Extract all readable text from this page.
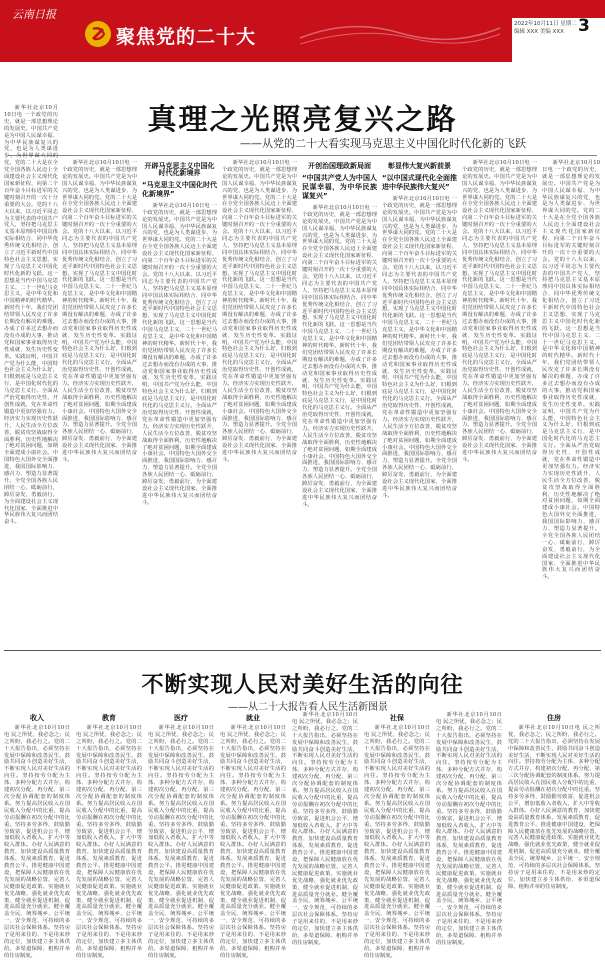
云南日报
聚焦党的二十大
2022年10月11日 星期二
编辑 XXX 美编 XXX 3
真理之光照亮复兴之路
——从党的二十大看实现马克思主义中国化时代化新的飞跃

新华社北京10月10日电 一个政党的历史，就是一部思想理论的发展史。中国共产党是为中国人民谋幸福、为中华民族谋复兴的党，也是为人类谋进步、为世界谋大同的党。党的二十大是在全党全国各族人民迈上全面建设社会主义现代化国家新征程、向第二个百年奋斗目标进军的关键时刻召开的一次十分重要的大会。党的十八大以来，以习近平同志为主要代表的中国共产党人，坚持把马克思主义基本原理同中国具体实际相结合、同中华优秀传统文化相结合，创立了习近平新时代中国特色社会主义思想，实现了马克思主义中国化时代化新的飞跃。这一思想是当代中国马克思主义、二十一世纪马克思主义，是中华文化和中国精神的时代精华。新时代十年，我们党团结带领人民攻克了许多长期没有解决的难题，办成了许多过去想办而没有办成的大事，推动党和国家事业取得历史性成就、发生历史性变革。实践证明，中国共产党为什么能，中国特色社会主义为什么好，归根到底是马克思主义行，是中国化时代化的马克思主义行。全面从严治党取得历史性、开创性成就，党在革命性锻造中更加坚强有力。经济实力实现历史性跃升，人民生活全方位改善，脱贫攻坚战取得全面胜利，历史性地解决了绝对贫困问题，如期全面建成小康社会。中国特色大国外交全面推进，我国国际影响力、感召力、塑造力显著提升。全党全国各族人民团结一心、砥砺前行，踔厉奋发、勇毅前行，为全面建设社会主义现代化国家、全面推进中华民族伟大复兴而团结奋斗。

开辟马克思主义中国化时代化新境界

“马克思主义中国化时代化新境界”

新华社北京10月10日电 一个政党的历史，就是一部思想理论的发展史。中国共产党是为中国人民谋幸福、为中华民族谋复兴的党，也是为人类谋进步、为世界谋大同的党。党的二十大是在全党全国各族人民迈上全面建设社会主义现代化国家新征程、向第二个百年奋斗目标进军的关键时刻召开的一次十分重要的大会。党的十八大以来，以习近平同志为主要代表的中国共产党人，坚持把马克思主义基本原理同中国具体实际相结合、同中华优秀传统文化相结合，创立了习近平新时代中国特色社会主义思想，实现了马克思主义中国化时代化新的飞跃。这一思想是当代中国马克思主义、二十一世纪马克思主义，是中华文化和中国精神的时代精华。新时代十年，我们党团结带领人民攻克了许多长期没有解决的难题，办成了许多过去想办而没有办成的大事，推动党和国家事业取得历史性成就、发生历史性变革。实践证明，中国共产党为什么能，中国特色社会主义为什么好，归根到底是马克思主义行，是中国化时代化的马克思主义行。全面从严治党取得历史性、开创性成就，党在革命性锻造中更加坚强有力。经济实力实现历史性跃升，人民生活全方位改善，脱贫攻坚战取得全面胜利，历史性地解决了绝对贫困问题，如期全面建成小康社会。中国特色大国外交全面推进，我国国际影响力、感召力、塑造力显著提升。全党全国各族人民团结一心、砥砺前行，踔厉奋发、勇毅前行，为全面建设社会主义现代化国家、全面推进中华民族伟大复兴而团结奋斗。

新华社北京10月10日电 一个政党的历史，就是一部思想理论的发展史。中国共产党是为中国人民谋幸福、为中华民族谋复兴的党，也是为人类谋进步、为世界谋大同的党。党的二十大是在全党全国各族人民迈上全面建设社会主义现代化国家新征程、向第二个百年奋斗目标进军的关键时刻召开的一次十分重要的大会。党的十八大以来，以习近平同志为主要代表的中国共产党人，坚持把马克思主义基本原理同中国具体实际相结合、同中华优秀传统文化相结合，创立了习近平新时代中国特色社会主义思想，实现了马克思主义中国化时代化新的飞跃。这一思想是当代中国马克思主义、二十一世纪马克思主义，是中华文化和中国精神的时代精华。新时代十年，我们党团结带领人民攻克了许多长期没有解决的难题，办成了许多过去想办而没有办成的大事，推动党和国家事业取得历史性成就、发生历史性变革。实践证明，中国共产党为什么能，中国特色社会主义为什么好，归根到底是马克思主义行，是中国化时代化的马克思主义行。全面从严治党取得历史性、开创性成就，党在革命性锻造中更加坚强有力。经济实力实现历史性跃升，人民生活全方位改善，脱贫攻坚战取得全面胜利，历史性地解决了绝对贫困问题，如期全面建成小康社会。中国特色大国外交全面推进，我国国际影响力、感召力、塑造力显著提升。全党全国各族人民团结一心、砥砺前行，踔厉奋发、勇毅前行，为全面建设社会主义现代化国家、全面推进中华民族伟大复兴而团结奋斗。

开创治国理政新局面

“中国共产党人为中国人民谋幸福，为中华民族谋复兴”

新华社北京10月10日电 一个政党的历史，就是一部思想理论的发展史。中国共产党是为中国人民谋幸福、为中华民族谋复兴的党，也是为人类谋进步、为世界谋大同的党。党的二十大是在全党全国各族人民迈上全面建设社会主义现代化国家新征程、向第二个百年奋斗目标进军的关键时刻召开的一次十分重要的大会。党的十八大以来，以习近平同志为主要代表的中国共产党人，坚持把马克思主义基本原理同中国具体实际相结合、同中华优秀传统文化相结合，创立了习近平新时代中国特色社会主义思想，实现了马克思主义中国化时代化新的飞跃。这一思想是当代中国马克思主义、二十一世纪马克思主义，是中华文化和中国精神的时代精华。新时代十年，我们党团结带领人民攻克了许多长期没有解决的难题，办成了许多过去想办而没有办成的大事，推动党和国家事业取得历史性成就、发生历史性变革。实践证明，中国共产党为什么能，中国特色社会主义为什么好，归根到底是马克思主义行，是中国化时代化的马克思主义行。全面从严治党取得历史性、开创性成就，党在革命性锻造中更加坚强有力。经济实力实现历史性跃升，人民生活全方位改善，脱贫攻坚战取得全面胜利，历史性地解决了绝对贫困问题，如期全面建成小康社会。中国特色大国外交全面推进，我国国际影响力、感召力、塑造力显著提升。全党全国各族人民团结一心、砥砺前行，踔厉奋发、勇毅前行，为全面建设社会主义现代化国家、全面推进中华民族伟大复兴而团结奋斗。

彰显伟大复兴新前景

“以中国式现代化全面推进中华民族伟大复兴”

新华社北京10月10日电 一个政党的历史，就是一部思想理论的发展史。中国共产党是为中国人民谋幸福、为中华民族谋复兴的党，也是为人类谋进步、为世界谋大同的党。党的二十大是在全党全国各族人民迈上全面建设社会主义现代化国家新征程、向第二个百年奋斗目标进军的关键时刻召开的一次十分重要的大会。党的十八大以来，以习近平同志为主要代表的中国共产党人，坚持把马克思主义基本原理同中国具体实际相结合、同中华优秀传统文化相结合，创立了习近平新时代中国特色社会主义思想，实现了马克思主义中国化时代化新的飞跃。这一思想是当代中国马克思主义、二十一世纪马克思主义，是中华文化和中国精神的时代精华。新时代十年，我们党团结带领人民攻克了许多长期没有解决的难题，办成了许多过去想办而没有办成的大事，推动党和国家事业取得历史性成就、发生历史性变革。实践证明，中国共产党为什么能，中国特色社会主义为什么好，归根到底是马克思主义行，是中国化时代化的马克思主义行。全面从严治党取得历史性、开创性成就，党在革命性锻造中更加坚强有力。经济实力实现历史性跃升，人民生活全方位改善，脱贫攻坚战取得全面胜利，历史性地解决了绝对贫困问题，如期全面建成小康社会。中国特色大国外交全面推进，我国国际影响力、感召力、塑造力显著提升。全党全国各族人民团结一心、砥砺前行，踔厉奋发、勇毅前行，为全面建设社会主义现代化国家、全面推进中华民族伟大复兴而团结奋斗。

新华社北京10月10日电 一个政党的历史，就是一部思想理论的发展史。中国共产党是为中国人民谋幸福、为中华民族谋复兴的党，也是为人类谋进步、为世界谋大同的党。党的二十大是在全党全国各族人民迈上全面建设社会主义现代化国家新征程、向第二个百年奋斗目标进军的关键时刻召开的一次十分重要的大会。党的十八大以来，以习近平同志为主要代表的中国共产党人，坚持把马克思主义基本原理同中国具体实际相结合、同中华优秀传统文化相结合，创立了习近平新时代中国特色社会主义思想，实现了马克思主义中国化时代化新的飞跃。这一思想是当代中国马克思主义、二十一世纪马克思主义，是中华文化和中国精神的时代精华。新时代十年，我们党团结带领人民攻克了许多长期没有解决的难题，办成了许多过去想办而没有办成的大事，推动党和国家事业取得历史性成就、发生历史性变革。实践证明，中国共产党为什么能，中国特色社会主义为什么好，归根到底是马克思主义行，是中国化时代化的马克思主义行。全面从严治党取得历史性、开创性成就，党在革命性锻造中更加坚强有力。经济实力实现历史性跃升，人民生活全方位改善，脱贫攻坚战取得全面胜利，历史性地解决了绝对贫困问题，如期全面建成小康社会。中国特色大国外交全面推进，我国国际影响力、感召力、塑造力显著提升。全党全国各族人民团结一心、砥砺前行，踔厉奋发、勇毅前行，为全面建设社会主义现代化国家、全面推进中华民族伟大复兴而团结奋斗。

新华社北京10月10日电 一个政党的历史，就是一部思想理论的发展史。中国共产党是为中国人民谋幸福、为中华民族谋复兴的党，也是为人类谋进步、为世界谋大同的党。党的二十大是在全党全国各族人民迈上全面建设社会主义现代化国家新征程、向第二个百年奋斗目标进军的关键时刻召开的一次十分重要的大会。党的十八大以来，以习近平同志为主要代表的中国共产党人，坚持把马克思主义基本原理同中国具体实际相结合、同中华优秀传统文化相结合，创立了习近平新时代中国特色社会主义思想，实现了马克思主义中国化时代化新的飞跃。这一思想是当代中国马克思主义、二十一世纪马克思主义，是中华文化和中国精神的时代精华。新时代十年，我们党团结带领人民攻克了许多长期没有解决的难题，办成了许多过去想办而没有办成的大事，推动党和国家事业取得历史性成就、发生历史性变革。实践证明，中国共产党为什么能，中国特色社会主义为什么好，归根到底是马克思主义行，是中国化时代化的马克思主义行。全面从严治党取得历史性、开创性成就，党在革命性锻造中更加坚强有力。经济实力实现历史性跃升，人民生活全方位改善，脱贫攻坚战取得全面胜利，历史性地解决了绝对贫困问题，如期全面建成小康社会。中国特色大国外交全面推进，我国国际影响力、感召力、塑造力显著提升。全党全国各族人民团结一心、砥砺前行，踔厉奋发、勇毅前行，为全面建设社会主义现代化国家、全面推进中华民族伟大复兴而团结奋斗。

新华社北京10月10日电 一个政党的历史，就是一部思想理论的发展史。中国共产党是为中国人民谋幸福、为中华民族谋复兴的党，也是为人类谋进步、为世界谋大同的党。党的二十大是在全党全国各族人民迈上全面建设社会主义现代化国家新征程、向第二个百年奋斗目标进军的关键时刻召开的一次十分重要的大会。党的十八大以来，以习近平同志为主要代表的中国共产党人，坚持把马克思主义基本原理同中国具体实际相结合、同中华优秀传统文化相结合，创立了习近平新时代中国特色社会主义思想，实现了马克思主义中国化时代化新的飞跃。这一思想是当代中国马克思主义、二十一世纪马克思主义，是中华文化和中国精神的时代精华。新时代十年，我们党团结带领人民攻克了许多长期没有解决的难题，办成了许多过去想办而没有办成的大事，推动党和国家事业取得历史性成就、发生历史性变革。实践证明，中国共产党为什么能，中国特色社会主义为什么好，归根到底是马克思主义行，是中国化时代化的马克思主义行。全面从严治党取得历史性、开创性成就，党在革命性锻造中更加坚强有力。经济实力实现历史性跃升，人民生活全方位改善，脱贫攻坚战取得全面胜利，历史性地解决了绝对贫困问题，如期全面建成小康社会。中国特色大国外交全面推进，我国国际影响力、感召力、塑造力显著提升。全党全国各族人民团结一心、砥砺前行，踔厉奋发、勇毅前行，为全面建设社会主义现代化国家、全面推进中华民族伟大复兴而团结奋斗。

不断实现人民对美好生活的向往
——从二十大报告看人民生活新图景
收入

新华社北京10月10日电 民之所忧，我必念之；民之所盼，我必行之。党的二十大报告指出，必须坚持在发展中保障和改善民生，鼓励共同奋斗创造美好生活，不断实现人民对美好生活的向往。坚持按劳分配为主体、多种分配方式并存，构建初次分配、再分配、第三次分配协调配套的制度体系。努力提高居民收入在国民收入分配中的比重，提高劳动报酬在初次分配中的比重。坚持多劳多得，鼓励勤劳致富，促进机会公平，增加低收入者收入，扩大中等收入群体。办好人民满意的教育，加快建设高质量教育体系，发展素质教育，促进教育公平。推进健康中国建设，把保障人民健康放在优先发展的战略位置，完善人民健康促进政策。实施就业优先战略，强化就业优先政策，健全就业促进机制，促进高质量充分就业。健全覆盖全民、统筹城乡、公平统一、安全规范、可持续的多层次社会保障体系。坚持房子是用来住的、不是用来炒的定位，加快建立多主体供给、多渠道保障、租购并举的住房制度。

教育

新华社北京10月10日电 民之所忧，我必念之；民之所盼，我必行之。党的二十大报告指出，必须坚持在发展中保障和改善民生，鼓励共同奋斗创造美好生活，不断实现人民对美好生活的向往。坚持按劳分配为主体、多种分配方式并存，构建初次分配、再分配、第三次分配协调配套的制度体系。努力提高居民收入在国民收入分配中的比重，提高劳动报酬在初次分配中的比重。坚持多劳多得，鼓励勤劳致富，促进机会公平，增加低收入者收入，扩大中等收入群体。办好人民满意的教育，加快建设高质量教育体系，发展素质教育，促进教育公平。推进健康中国建设，把保障人民健康放在优先发展的战略位置，完善人民健康促进政策。实施就业优先战略，强化就业优先政策，健全就业促进机制，促进高质量充分就业。健全覆盖全民、统筹城乡、公平统一、安全规范、可持续的多层次社会保障体系。坚持房子是用来住的、不是用来炒的定位，加快建立多主体供给、多渠道保障、租购并举的住房制度。

医疗

新华社北京10月10日电 民之所忧，我必念之；民之所盼，我必行之。党的二十大报告指出，必须坚持在发展中保障和改善民生，鼓励共同奋斗创造美好生活，不断实现人民对美好生活的向往。坚持按劳分配为主体、多种分配方式并存，构建初次分配、再分配、第三次分配协调配套的制度体系。努力提高居民收入在国民收入分配中的比重，提高劳动报酬在初次分配中的比重。坚持多劳多得，鼓励勤劳致富，促进机会公平，增加低收入者收入，扩大中等收入群体。办好人民满意的教育，加快建设高质量教育体系，发展素质教育，促进教育公平。推进健康中国建设，把保障人民健康放在优先发展的战略位置，完善人民健康促进政策。实施就业优先战略，强化就业优先政策，健全就业促进机制，促进高质量充分就业。健全覆盖全民、统筹城乡、公平统一、安全规范、可持续的多层次社会保障体系。坚持房子是用来住的、不是用来炒的定位，加快建立多主体供给、多渠道保障、租购并举的住房制度。

就业

新华社北京10月10日电 民之所忧，我必念之；民之所盼，我必行之。党的二十大报告指出，必须坚持在发展中保障和改善民生，鼓励共同奋斗创造美好生活，不断实现人民对美好生活的向往。坚持按劳分配为主体、多种分配方式并存，构建初次分配、再分配、第三次分配协调配套的制度体系。努力提高居民收入在国民收入分配中的比重，提高劳动报酬在初次分配中的比重。坚持多劳多得，鼓励勤劳致富，促进机会公平，增加低收入者收入，扩大中等收入群体。办好人民满意的教育，加快建设高质量教育体系，发展素质教育，促进教育公平。推进健康中国建设，把保障人民健康放在优先发展的战略位置，完善人民健康促进政策。实施就业优先战略，强化就业优先政策，健全就业促进机制，促进高质量充分就业。健全覆盖全民、统筹城乡、公平统一、安全规范、可持续的多层次社会保障体系。坚持房子是用来住的、不是用来炒的定位，加快建立多主体供给、多渠道保障、租购并举的住房制度。

新华社北京10月10日电 民之所忧，我必念之；民之所盼，我必行之。党的二十大报告指出，必须坚持在发展中保障和改善民生，鼓励共同奋斗创造美好生活，不断实现人民对美好生活的向往。坚持按劳分配为主体、多种分配方式并存，构建初次分配、再分配、第三次分配协调配套的制度体系。努力提高居民收入在国民收入分配中的比重，提高劳动报酬在初次分配中的比重。坚持多劳多得，鼓励勤劳致富，促进机会公平，增加低收入者收入，扩大中等收入群体。办好人民满意的教育，加快建设高质量教育体系，发展素质教育，促进教育公平。推进健康中国建设，把保障人民健康放在优先发展的战略位置，完善人民健康促进政策。实施就业优先战略，强化就业优先政策，健全就业促进机制，促进高质量充分就业。健全覆盖全民、统筹城乡、公平统一、安全规范、可持续的多层次社会保障体系。坚持房子是用来住的、不是用来炒的定位，加快建立多主体供给、多渠道保障、租购并举的住房制度。

社保

新华社北京10月10日电 民之所忧，我必念之；民之所盼，我必行之。党的二十大报告指出，必须坚持在发展中保障和改善民生，鼓励共同奋斗创造美好生活，不断实现人民对美好生活的向往。坚持按劳分配为主体、多种分配方式并存，构建初次分配、再分配、第三次分配协调配套的制度体系。努力提高居民收入在国民收入分配中的比重，提高劳动报酬在初次分配中的比重。坚持多劳多得，鼓励勤劳致富，促进机会公平，增加低收入者收入，扩大中等收入群体。办好人民满意的教育，加快建设高质量教育体系，发展素质教育，促进教育公平。推进健康中国建设，把保障人民健康放在优先发展的战略位置，完善人民健康促进政策。实施就业优先战略，强化就业优先政策，健全就业促进机制，促进高质量充分就业。健全覆盖全民、统筹城乡、公平统一、安全规范、可持续的多层次社会保障体系。坚持房子是用来住的、不是用来炒的定位，加快建立多主体供给、多渠道保障、租购并举的住房制度。

新华社北京10月10日电 民之所忧，我必念之；民之所盼，我必行之。党的二十大报告指出，必须坚持在发展中保障和改善民生，鼓励共同奋斗创造美好生活，不断实现人民对美好生活的向往。坚持按劳分配为主体、多种分配方式并存，构建初次分配、再分配、第三次分配协调配套的制度体系。努力提高居民收入在国民收入分配中的比重，提高劳动报酬在初次分配中的比重。坚持多劳多得，鼓励勤劳致富，促进机会公平，增加低收入者收入，扩大中等收入群体。办好人民满意的教育，加快建设高质量教育体系，发展素质教育，促进教育公平。推进健康中国建设，把保障人民健康放在优先发展的战略位置，完善人民健康促进政策。实施就业优先战略，强化就业优先政策，健全就业促进机制，促进高质量充分就业。健全覆盖全民、统筹城乡、公平统一、安全规范、可持续的多层次社会保障体系。坚持房子是用来住的、不是用来炒的定位，加快建立多主体供给、多渠道保障、租购并举的住房制度。

住房

新华社北京10月10日电 民之所忧，我必念之；民之所盼，我必行之。党的二十大报告指出，必须坚持在发展中保障和改善民生，鼓励共同奋斗创造美好生活，不断实现人民对美好生活的向往。坚持按劳分配为主体、多种分配方式并存，构建初次分配、再分配、第三次分配协调配套的制度体系。努力提高居民收入在国民收入分配中的比重，提高劳动报酬在初次分配中的比重。坚持多劳多得，鼓励勤劳致富，促进机会公平，增加低收入者收入，扩大中等收入群体。办好人民满意的教育，加快建设高质量教育体系，发展素质教育，促进教育公平。推进健康中国建设，把保障人民健康放在优先发展的战略位置，完善人民健康促进政策。实施就业优先战略，强化就业优先政策，健全就业促进机制，促进高质量充分就业。健全覆盖全民、统筹城乡、公平统一、安全规范、可持续的多层次社会保障体系。坚持房子是用来住的、不是用来炒的定位，加快建立多主体供给、多渠道保障、租购并举的住房制度。
